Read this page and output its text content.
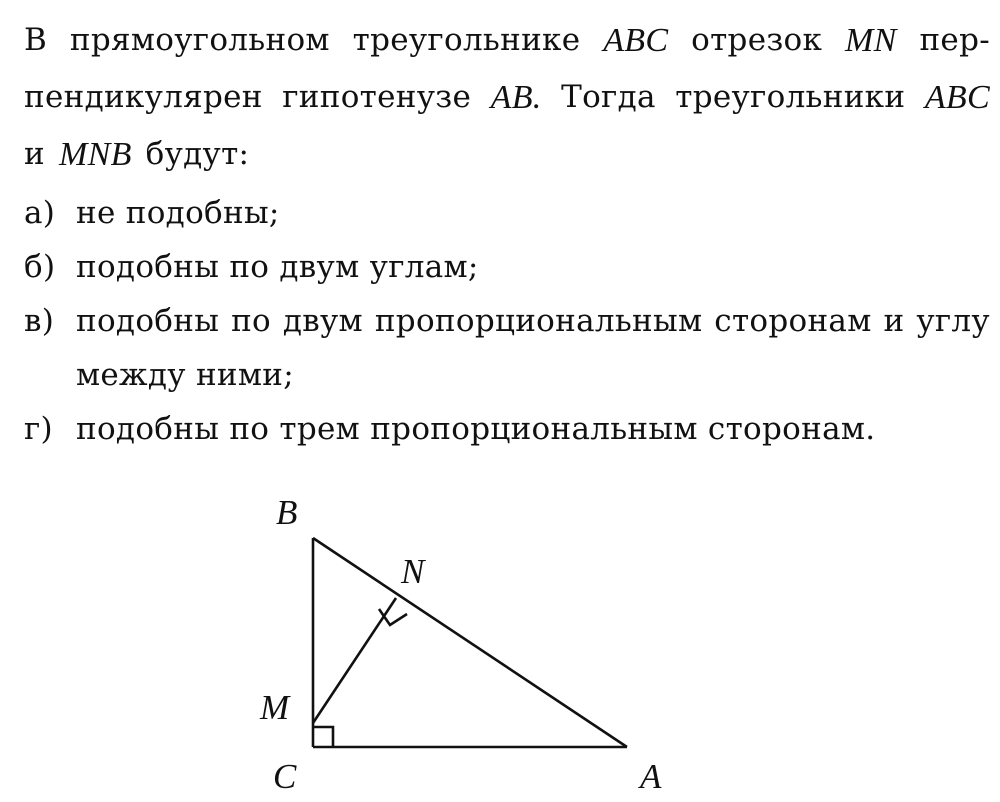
В прямоугольном треугольнике ABC отрезок MN пер-
пендикулярен гипотенузе AB. Тогда треугольники ABC
и MNB будут:
а) не подобны;
б) подобны по двум углам;
в) подобны по двум пропорциональным сторонам и углу
между ними;
г) подобны по трем пропорциональным сторонам.
B
N
M
C	A
